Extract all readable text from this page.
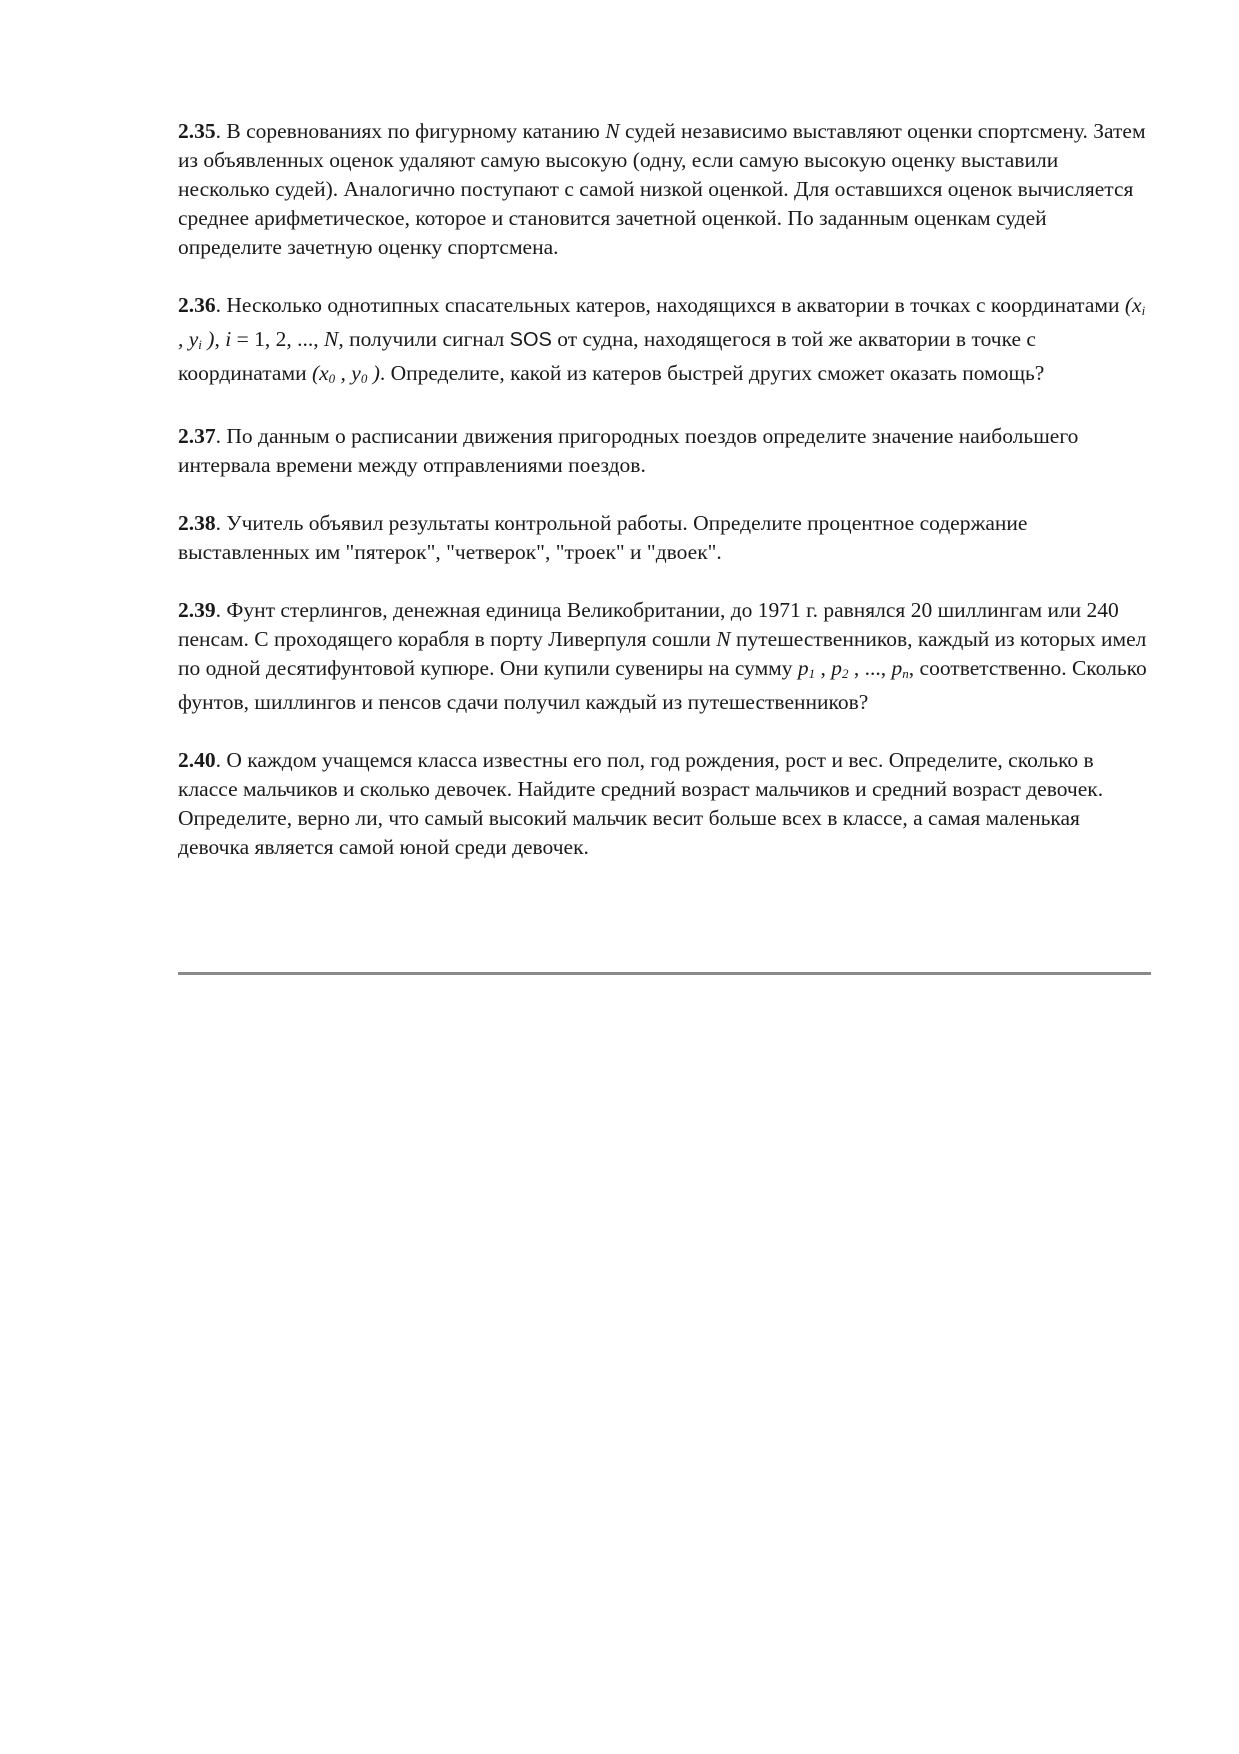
2.35. В соревнованиях по фигурному катанию N судей независимо выставляют оценки спортсмену. Затем из объявленных оценок удаляют самую высокую (одну, если самую высокую оценку выставили несколько судей). Аналогично поступают с самой низкой оценкой. Для оставшихся оценок вычисляется среднее арифметическое, которое и становится зачетной оценкой. По заданным оценкам судей определите зачетную оценку спортсмена.

2.36. Несколько однотипных спасательных катеров, находящихся в акватории в точках с координатами ($x_i$ , $y_i$ ), i = 1, 2, ..., N, получили сигнал SOS от судна, находящегося в той же акватории в точке с координатами ($x_0$ , $y_0$ ). Определите, какой из катеров быстрей других сможет оказать помощь?

2.37. По данным о расписании движения пригородных поездов определите значение наибольшего интервала времени между отправлениями поездов.

2.38. Учитель объявил результаты контрольной работы. Определите процентное содержание выставленных им "пятерок", "четверок", "троек" и "двоек".

2.39. Фунт стерлингов, денежная единица Великобритании, до 1971 г. равнялся 20 шиллингам или 240 пенсам. С проходящего корабля в порту Ливерпуля сошли N путешественников, каждый из которых имел по одной десятифунтовой купюре. Они купили сувениры на сумму $p_1$ , $p_2$ , ..., $p_n$, соответственно. Сколько фунтов, шиллингов и пенсов сдачи получил каждый из путешественников?

2.40. О каждом учащемся класса известны его пол, год рождения, рост и вес. Определите, сколько в классе мальчиков и сколько девочек. Найдите средний возраст мальчиков и средний возраст девочек. Определите, верно ли, что самый высокий мальчик весит больше всех в классе, а самая маленькая девочка является самой юной среди девочек.
